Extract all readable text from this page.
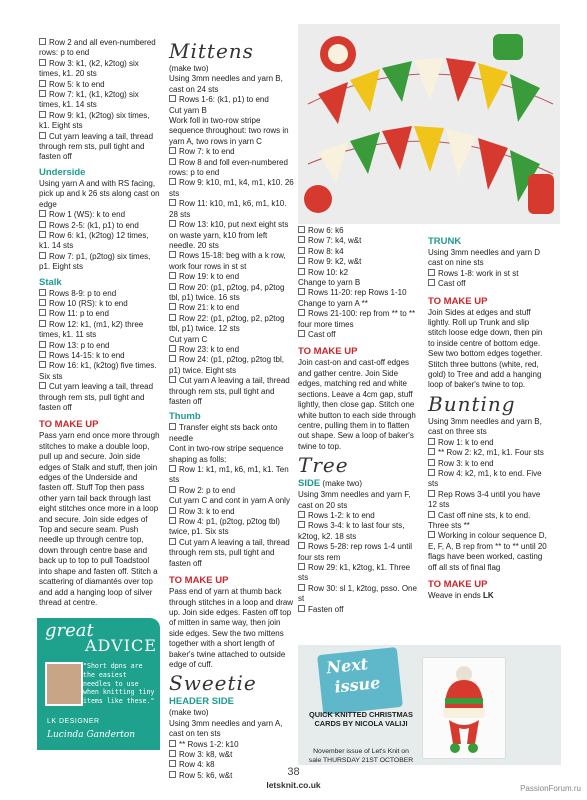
Row 2 and all even-numbered rows: p to end
Row 3: k1, (k2, k2tog) six times, k1. 20 sts
Row 5: k to end
Row 7: k1, (k1, k2tog) six times, k1. 14 sts
Row 9: k1, (k2tog) six times, k1. Eight sts
Cut yarn leaving a tail, thread through rem sts, pull tight and fasten off
Underside
Using yarn A and with RS facing, pick up and k 26 sts along cast on edge
Row 1 (WS): k to end
Rows 2-5: (k1, p1) to end
Row 6: k1, (k2tog) 12 times, k1. 14 sts
Row 7: p1, (p2tog) six times, p1. Eight sts
Stalk
Rows 8-9: p to end
Row 10 (RS): k to end
Row 11: p to end
Row 12: k1, (m1, k2) three times, k1. 11 sts
Row 13: p to end
Rows 14-15: k to end
Row 16: k1, (k2tog) five times. Six sts
Cut yarn leaving a tail, thread through rem sts, pull tight and fasten off
TO MAKE UP
Pass yarn end once more through stitches to make a double loop, pull up and secure. Join side edges of Stalk and stuff, then join edges of the Underside and fasten off. Stuff Top then pass other yarn tail back through last eight stitches once more in a loop and secure. Join side edges of Top and secure seam. Push needle up through centre top, down through centre base and back up to top to pull Toadstool into shape and fasten off. Stitch a scattering of diamantés over top and add a hanging loop of silver thread at centre.
Mittens
(make two)
Using 3mm needles and yarn B, cast on 24 sts
Rows 1-6: (k1, p1) to end
Cut yarn B
Work foll in two-row stripe sequence throughout: two rows in yarn A, two rows in yarn C
Row 7: k to end
Row 8 and foll even-numbered rows: p to end
Row 9: k10, m1, k4, m1, k10. 26 sts
Row 11: k10, m1, k6, m1, k10. 28 sts
Row 13: k10, put next eight sts on waste yarn, k10 from left needle. 20 sts
Rows 15-18: beg with a k row, work four rows in st st
Row 19: k to end
Row 20: (p1, p2tog, p4, p2tog tbl, p1) twice. 16 sts
Row 21: k to end
Row 22: (p1, p2tog, p2, p2tog tbl, p1) twice. 12 sts
Cut yarn C
Row 23: k to end
Row 24: (p1, p2tog, p2tog tbl, p1) twice. Eight sts
Cut yarn A leaving a tail, thread through rem sts, pull tight and fasten off
Thumb
Transfer eight sts back onto needle
Cont in two-row stripe sequence shaping as folls:
Row 1: k1, m1, k6, m1, k1. Ten sts
Row 2: p to end
Cut yarn C and cont in yarn A only
Row 3: k to end
Row 4: p1, (p2tog, p2tog tbl) twice, p1. Six sts
Cut yarn A leaving a tail, thread through rem sts, pull tight and fasten off
TO MAKE UP
Pass end of yarn at thumb back through stitches in a loop and draw up. Join side edges. Fasten off top of mitten in same way, then join side edges. Sew the two mittens together with a short length of baker's twine attached to outside edge of cuff.
Sweetie
HEADER SIDE
(make two)
Using 3mm needles and yarn A, cast on ten sts
** Rows 1-2: k10
Row 3: k8, w&t
Row 4: k8
Row 5: k6, w&t
Row 6: k6
Row 7: k4, w&t
Row 8: k4
Row 9: k2, w&t
Row 10: k2
Change to yarn B
Rows 11-20: rep Rows 1-10
Change to yarn A **
Rows 21-100: rep from ** to ** four more times
Cast off
TO MAKE UP
Join cast-on and cast-off edges and gather centre. Join Side edges, matching red and white sections. Leave a 4cm gap, stuff lightly, then close gap. Stitch one white button to each side through centre, pulling them in to flatten out shape. Sew a loop of baker's twine to top.
Tree
SIDE (make two)
Using 3mm needles and yarn F, cast on 20 sts
Rows 1-2: k to end
Rows 3-4: k to last four sts, k2tog, k2. 18 sts
Rows 5-28: rep rows 1-4 until four sts rem
Row 29: k1, k2tog, k1. Three sts
Row 30: sl 1, k2tog, psso. One st
Fasten off
TRUNK
Using 3mm needles and yarn D cast on nine sts
Rows 1-8: work in st st
Cast off
TO MAKE UP
Join Sides at edges and stuff lightly. Roll up Trunk and slip stitch loose edge down, then pin to inside centre of bottom edge. Sew two bottom edges together. Stitch three buttons (white, red, gold) to Tree and add a hanging loop of baker's twine to top.
Bunting
Using 3mm needles and yarn B, cast on three sts
Row 1: k to end
** Row 2: k2, m1, k1. Four sts
Row 3: k to end
Row 4: k2, m1, k to end. Five sts
Rep Rows 3-4 until you have 12 sts
Cast off nine sts, k to end. Three sts **
Working in colour sequence D, E, F, A, B rep from ** to ** until 20 flags have been worked, casting off all sts of final flag
TO MAKE UP
Weave in ends LK
great
ADVICE
"Short dpns are the easiest needles to use when knitting tiny items like these."
LK DESIGNER
Lucinda Ganderton
Next
issue
QUICK KNITTED CHRISTMAS CARDS BY NICOLA VALIJI
November issue of Let's Knit on sale THURSDAY 21ST OCTOBER
38
letsknit.co.uk	PassionForum.ru
